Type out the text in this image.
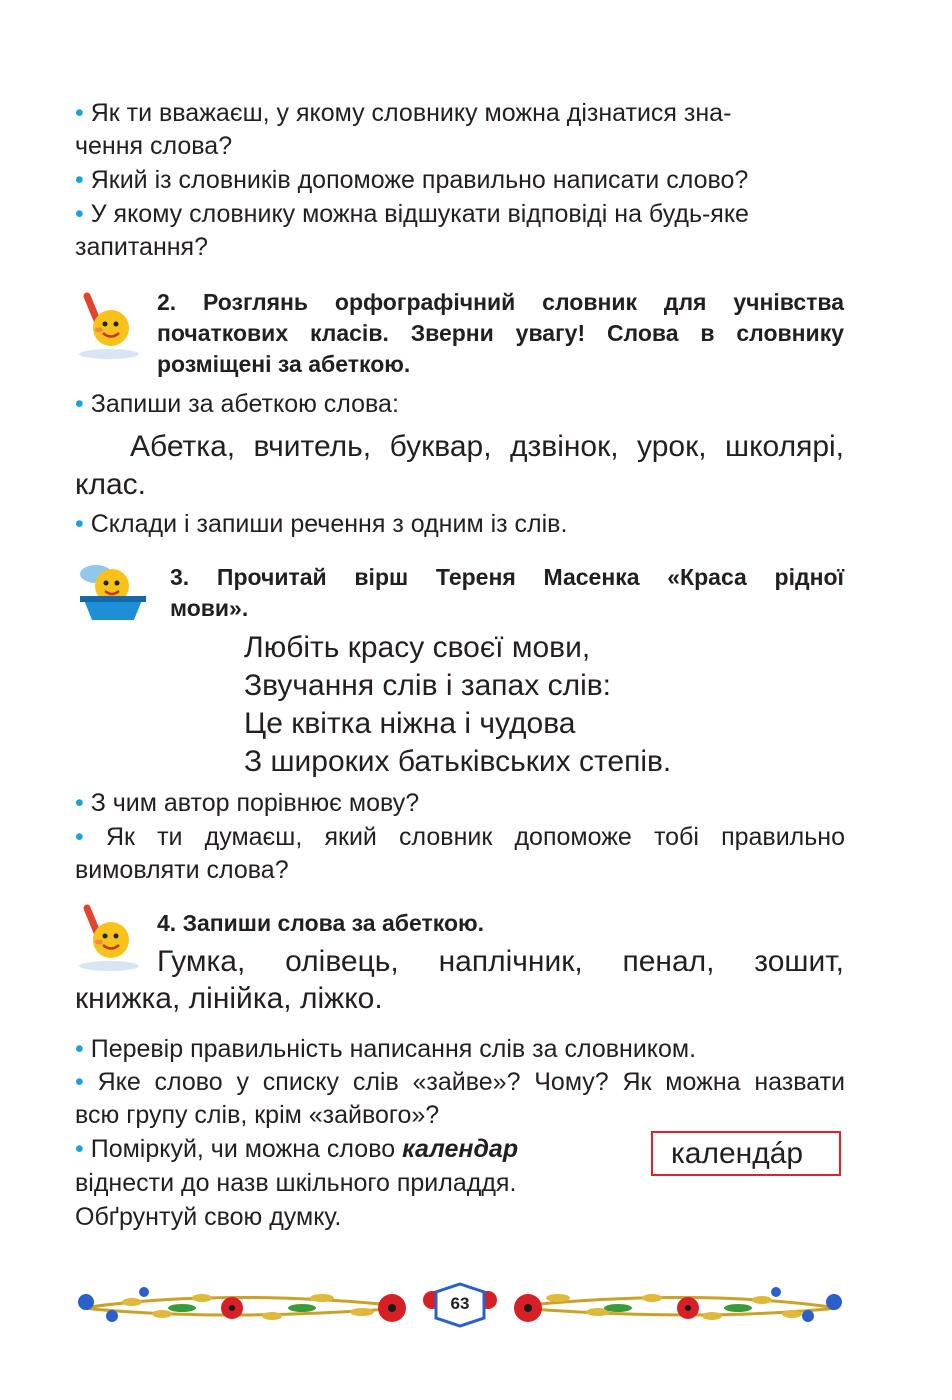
• Як ти вважаєш, у якому словнику можна дізнатися зна-
чення слова?
• Який із словників допоможе правильно написати слово?
• У якому словнику можна відшукати відповіді на будь-яке
запитання?
2. Розглянь орфографічний словник для учнівства
початкових класів. Зверни увагу! Слова в словнику
розміщені за абеткою.
• Запиши за абеткою слова:
Абетка, вчитель, буквар, дзвінок, урок, школярі,
клас.
• Склади і запиши речення з одним із слів.
3. Прочитай вірш Тереня Масенка «Краса рідної
мови».
Любіть красу своєї мови,
Звучання слів і запах слів:
Це квітка ніжна і чудова
З широких батьківських степів.
• З чим автор порівнює мову?
• Як ти думаєш, який словник допоможе тобі правильно
вимовляти слова?
4. Запиши слова за абеткою.
Гумка, олівець, наплічник, пенал, зошит,
книжка, лінійка, ліжко.
• Перевір правильність написання слів за словником.
• Яке слово у списку слів «зайве»? Чому? Як можна назвати
всю групу слів, крім «зайвого»?
• Поміркуй, чи можна слово календар
віднести до назв шкільного приладдя.
Обґрунтуй свою думку.
календáр
63
